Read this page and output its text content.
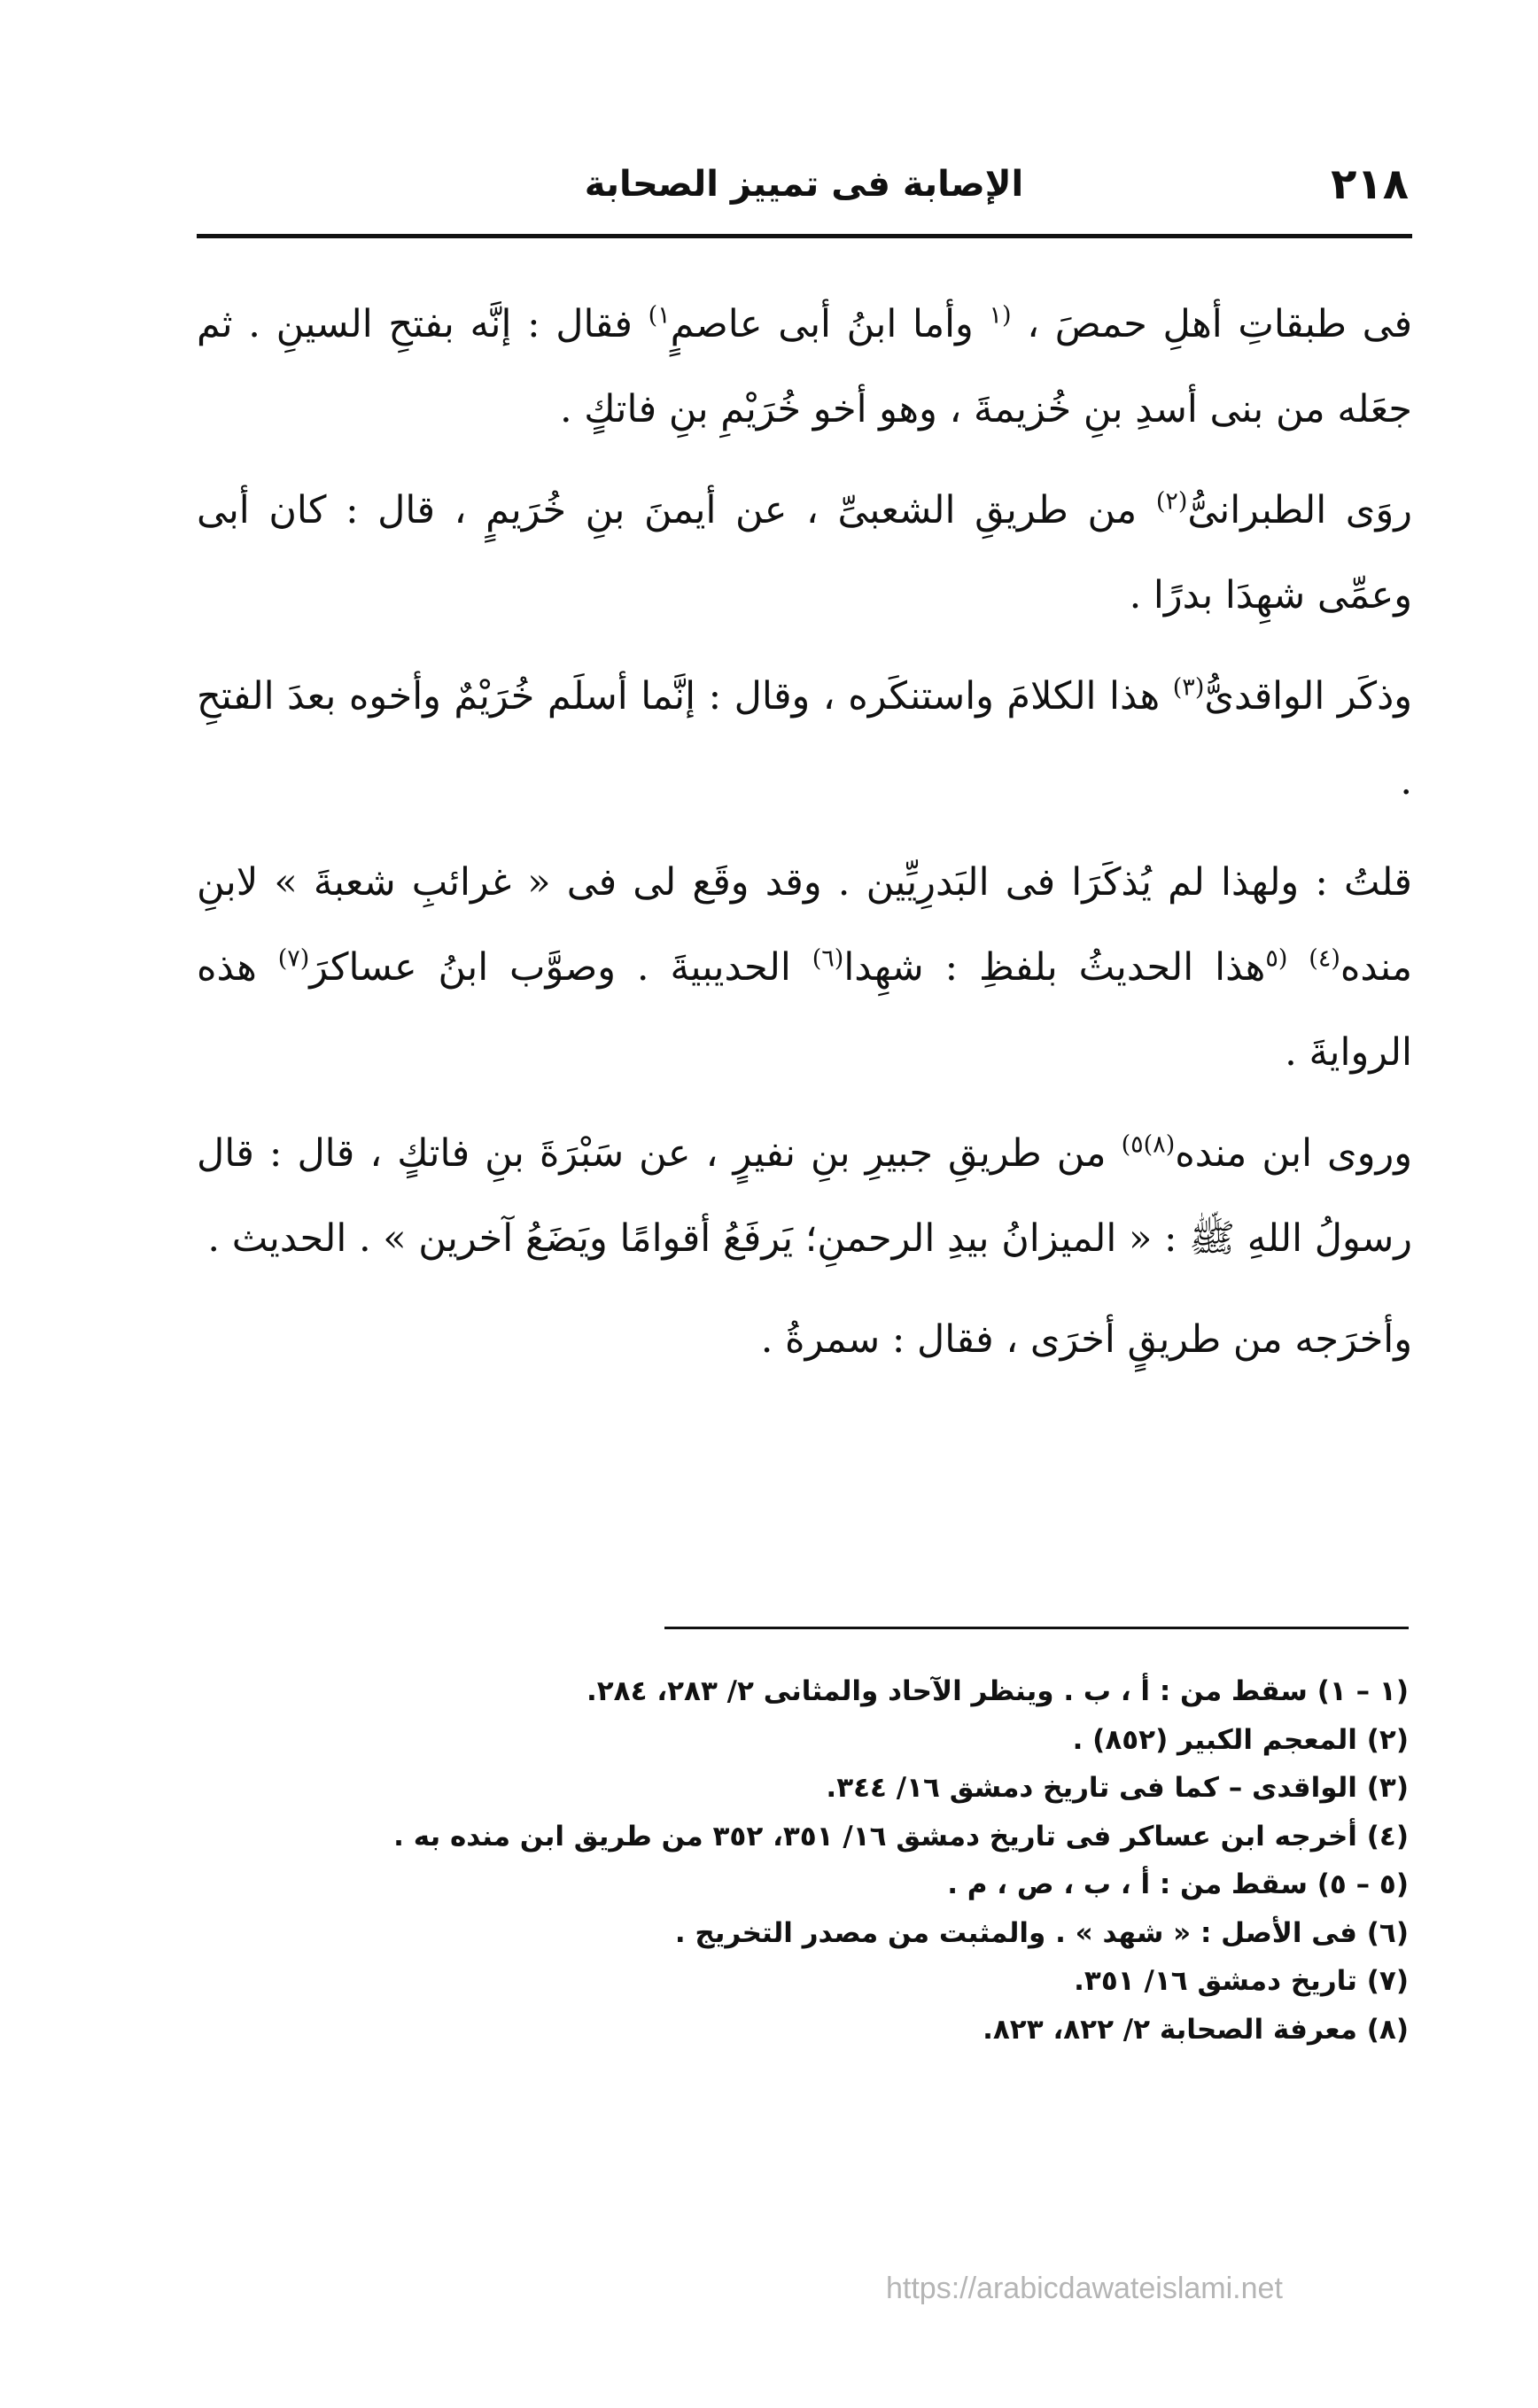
٢١٨
الإصابة فى تمييز الصحابة

فى طبقاتِ أهلِ حمصَ ، $^{(١}$ وأما ابنُ أبى عاصمٍ$^{١)}$ فقال : إنَّه بفتحِ السينِ . ثم جعَله من بنى أسدِ بنِ خُزيمةَ ، وهو أخو خُرَيْمِ بنِ فاتكٍ .

روَى الطبرانىُّ$^{(٢)}$ من طريقِ الشعبىِّ ، عن أيمنَ بنِ خُرَيمٍ ، قال : كان أبى وعمِّى شهِدَا بدرًا .

وذكَر الواقدىُّ$^{(٣)}$ هذا الكلامَ واستنكَره ، وقال : إنَّما أسلَم خُرَيْمٌ وأخوه بعدَ الفتحِ .

قلتُ : ولهذا لم يُذكَرَا فى البَدرِيِّين . وقد وقَع لى فى « غرائبِ شعبةَ » لابنِ منده$^{(٤)}$ $^{(٥}$هذا الحديثُ بلفظِ : شهِدا$^{(٦)}$ الحديبيةَ . وصوَّب ابنُ عساكرَ$^{(٧)}$ هذه الروايةَ .

وروى ابن منده$^{(٨)٥)}$ من طريقِ جبيرِ بنِ نفيرٍ ، عن سَبْرَةَ بنِ فاتكٍ ، قال : قال رسولُ اللهِ ﷺ : « الميزانُ بيدِ الرحمنِ؛ يَرفَعُ أقوامًا ويَضَعُ آخرين » . الحديث .

وأخرَجه من طريقٍ أخرَى ، فقال : سمرةُ .

(١ – ١) سقط من : أ ، ب . وينظر الآحاد والمثانى ٢/ ٢٨٣، ٢٨٤.

(٢) المعجم الكبير (٨٥٢) .

(٣) الواقدى – كما فى تاريخ دمشق ١٦/ ٣٤٤.

(٤) أخرجه ابن عساكر فى تاريخ دمشق ١٦/ ٣٥١، ٣٥٢ من طريق ابن منده به .

(٥ – ٥) سقط من : أ ، ب ، ص ، م .

(٦) فى الأصل : « شهد » . والمثبت من مصدر التخريج .

(٧) تاريخ دمشق ١٦/ ٣٥١.

(٨) معرفة الصحابة ٢/ ٨٢٢، ٨٢٣.

https://arabicdawateislami.net
